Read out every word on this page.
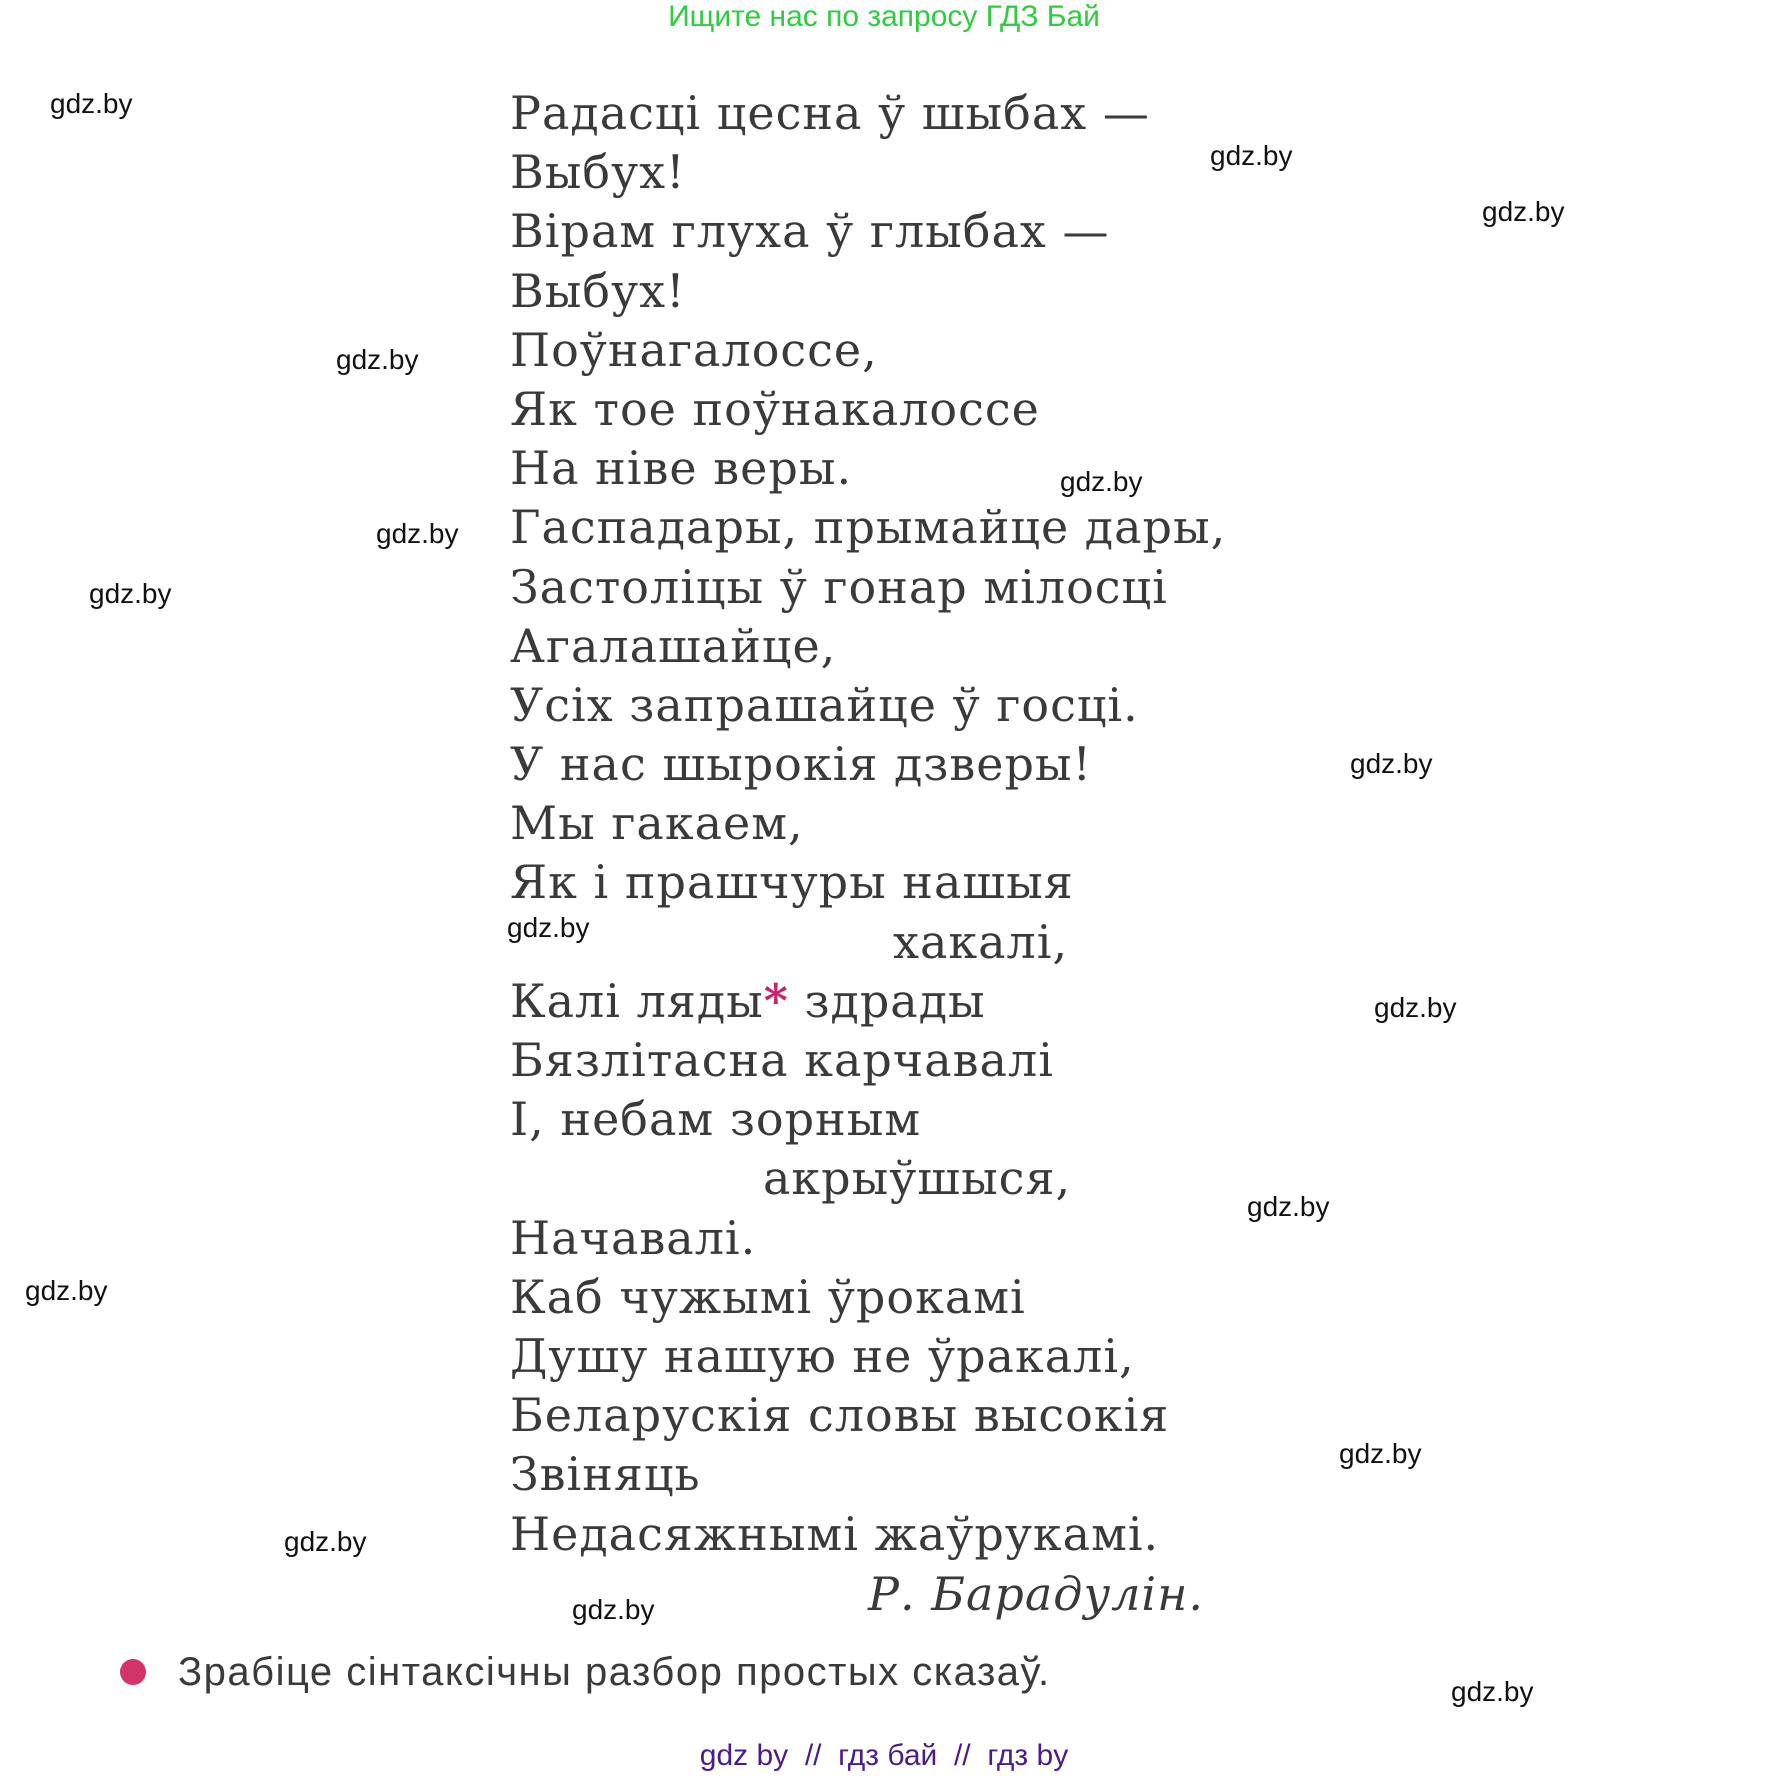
Ищите нас по запросу ГДЗ Бай
Радасці цесна ў шыбах —
Выбух!
Вірам глуха ў глыбах —
Выбух!
Поўнагалоссе,
Як тое поўнакалоссе
На ніве веры.
Гаспадары, прымайце дары,
Застоліцы ў гонар мілосці
Агалашайце,
Усіх запрашайце ў госці.
У нас шырокія дзверы!
Мы гакаем,
Як і прашчуры нашыя
хакалі,
Калі ляды* здрады
Бязлітасна карчавалі
І, небам зорным
акрыўшыся,
Начавалі.
Каб чужымі ўрокамі
Душу нашую не ўракалі,
Беларускія словы высокія
Звіняць
Недасяжнымі жаўрукамі.
Р. Барадулін.
Зрабіце сінтаксічны разбор простых сказаў.
gdz.by
gdz.by
gdz.by
gdz.by
gdz.by
gdz.by
gdz.by
gdz.by
gdz.by
gdz.by
gdz.by
gdz.by
gdz.by
gdz.by
gdz.by
gdz.by
gdz by  //  гдз бай  //  гдз by
